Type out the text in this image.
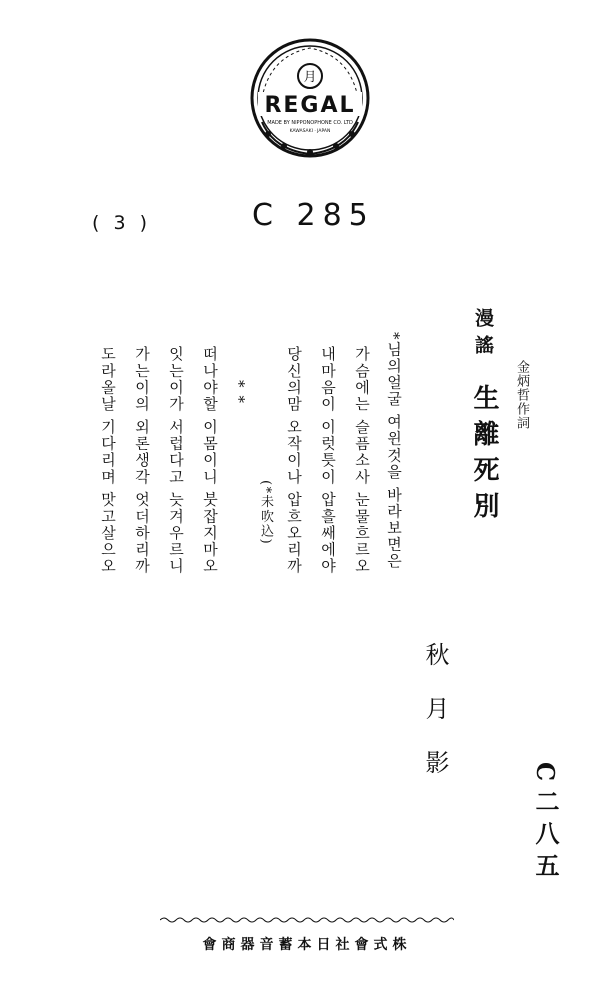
月
REGAL
MADE BY NIPPONOPHONE CO. LTD
KAWASAKI · JAPAN
( 3 )	C 285
漫謠
生離死別	金炳哲作詞
*님의얼굴 여윈것을 바라보면은
가슴에는 슬픔소사 눈물흐르오
내마음이 이럿틋이 압흘쌔에야
당신의맘 오작이나 압흐오리까
(*未吹込)
* *
떠나야할 이몸이니 붓잡지마오
잇는이가 서럽다고 늣겨우르니
가는이의 외론생각 엇더하리까
도라올날 기다리며 맛고살으오
秋月影
C二八五
株式會社日本蓄音器商會
